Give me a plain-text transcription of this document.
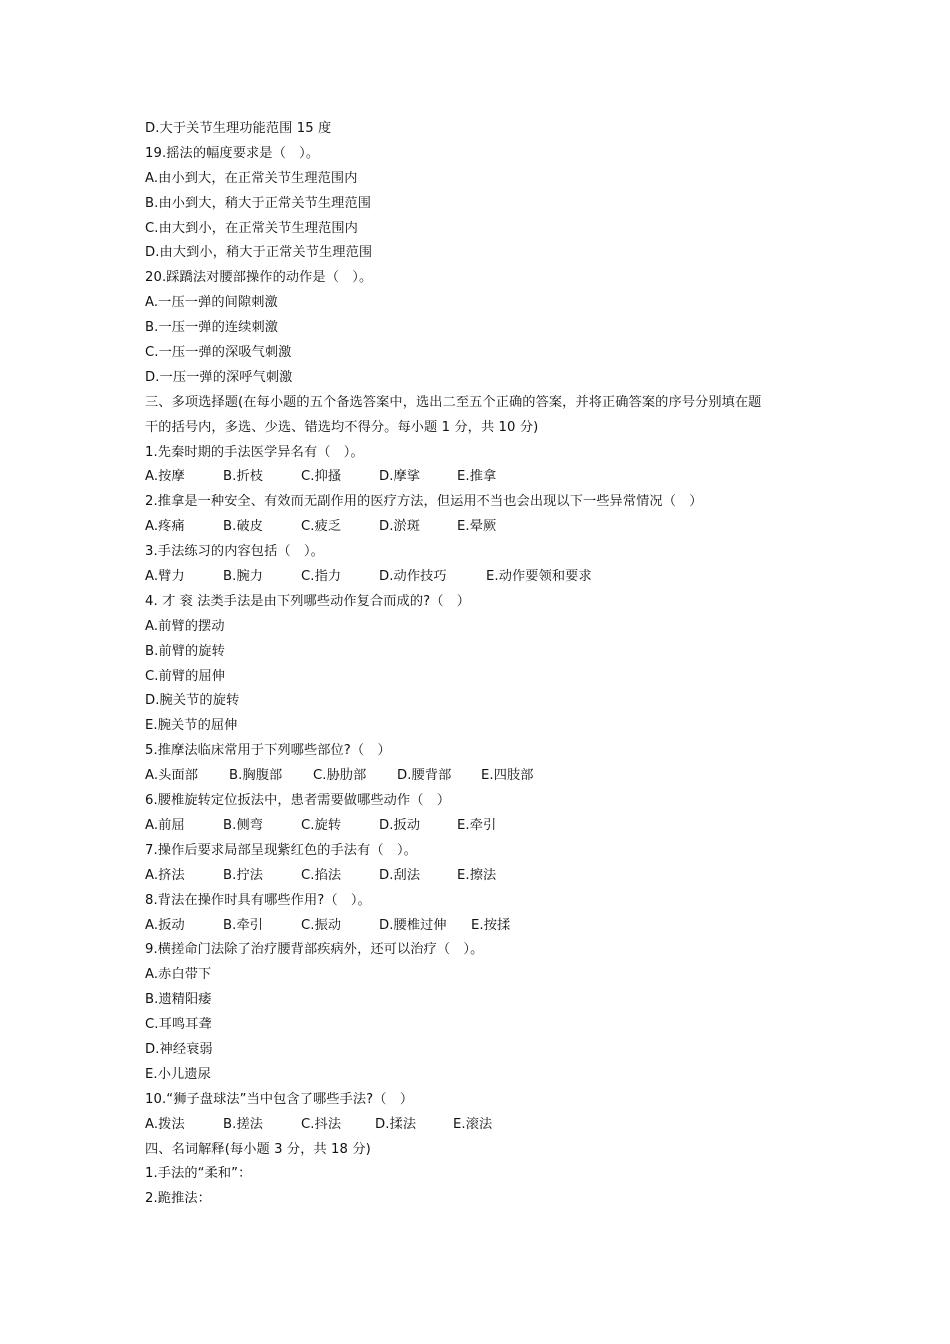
D.大于关节生理功能范围 15 度
19.摇法的幅度要求是（　）。
A.由小到大，在正常关节生理范围内
B.由小到大，稍大于正常关节生理范围
C.由大到小，在正常关节生理范围内
D.由大到小，稍大于正常关节生理范围
20.踩蹻法对腰部操作的动作是（　）。
A.一压一弹的间隙刺激
B.一压一弹的连续刺激
C.一压一弹的深吸气刺激
D.一压一弹的深呼气刺激
三、多项选择题(在每小题的五个备选答案中，选出二至五个正确的答案，并将正确答案的序号分别填在题
干的括号内，多选、少选、错选均不得分。每小题 1 分，共 10 分)
1.先秦时期的手法医学异名有（　）。
A.按摩	B.折枝	C.抑搔	D.摩挲	E.推拿
2.推拿是一种安全、有效而无副作用的医疗方法，但运用不当也会出现以下一些异常情况（　）
A.疼痛	B.破皮	C.疲乏	D.淤斑	E.晕厥
3.手法练习的内容包括（　）。
A.臂力	B.腕力	C.指力	D.动作技巧	E.动作要领和要求
4. 才 衮 法类手法是由下列哪些动作复合而成的?（　）
A.前臂的摆动
B.前臂的旋转
C.前臂的屈伸
D.腕关节的旋转
E.腕关节的屈伸
5.推摩法临床常用于下列哪些部位?（　）
A.头面部	B.胸腹部	C.胁肋部	D.腰背部	E.四肢部
6.腰椎旋转定位扳法中，患者需要做哪些动作（　）
A.前屈	B.侧弯	C.旋转	D.扳动	E.牵引
7.操作后要求局部呈现紫红色的手法有（　）。
A.挤法	B.拧法	C.掐法	D.刮法	E.擦法
8.背法在操作时具有哪些作用?（　）。
A.扳动	B.牵引	C.振动	D.腰椎过伸	E.按揉
9.横搓命门法除了治疗腰背部疾病外，还可以治疗（　）。
A.赤白带下
B.遗精阳痿
C.耳鸣耳聋
D.神经衰弱
E.小儿遗尿
10.“狮子盘球法”当中包含了哪些手法?（　）
A.拨法	B.搓法	C.抖法	D.揉法	E.滚法
四、名词解释(每小题 3 分，共 18 分)
1.手法的“柔和”：
2.跪推法：
